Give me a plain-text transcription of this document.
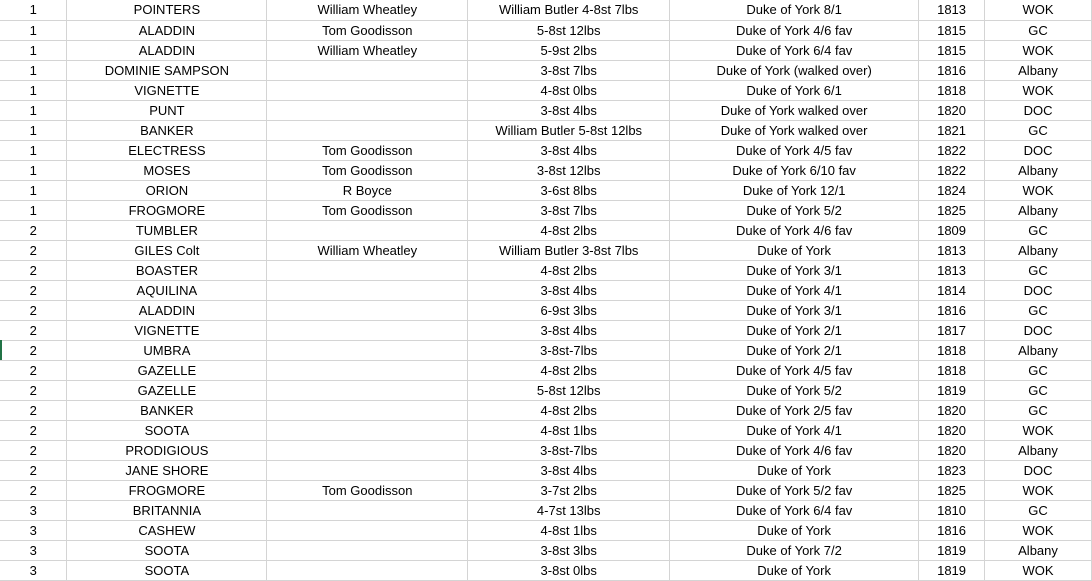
1	POINTERS	William Wheatley	William Butler 4-8st 7lbs	Duke of York 8/1	1813	WOK
1	ALADDIN	Tom Goodisson	5-8st 12lbs	Duke of York 4/6 fav	1815	GC
1	ALADDIN	William Wheatley	5-9st 2lbs	Duke of York 6/4 fav	1815	WOK
1	DOMINIE SAMPSON		3-8st 7lbs	Duke of York (walked over)	1816	Albany
1	VIGNETTE		4-8st 0lbs	Duke of York 6/1	1818	WOK
1	PUNT		3-8st 4lbs	Duke of York walked over	1820	DOC
1	BANKER		William Butler 5-8st 12lbs	Duke of York walked over	1821	GC
1	ELECTRESS	Tom Goodisson	3-8st 4lbs	Duke of York 4/5 fav	1822	DOC
1	MOSES	Tom Goodisson	3-8st 12lbs	Duke of York 6/10 fav	1822	Albany
1	ORION	R Boyce	3-6st 8lbs	Duke of York 12/1	1824	WOK
1	FROGMORE	Tom Goodisson	3-8st 7lbs	Duke of York 5/2	1825	Albany
2	TUMBLER		4-8st 2lbs	Duke of York 4/6 fav	1809	GC
2	GILES Colt	William Wheatley	William Butler 3-8st 7lbs	Duke of York	1813	Albany
2	BOASTER		4-8st 2lbs	Duke of York 3/1	1813	GC
2	AQUILINA		3-8st 4lbs	Duke of York 4/1	1814	DOC
2	ALADDIN		6-9st 3lbs	Duke of York 3/1	1816	GC
2	VIGNETTE		3-8st 4lbs	Duke of York 2/1	1817	DOC
2	UMBRA		3-8st-7lbs	Duke of York 2/1	1818	Albany
2	GAZELLE		4-8st 2lbs	Duke of York 4/5 fav	1818	GC
2	GAZELLE		5-8st 12lbs	Duke of York 5/2	1819	GC
2	BANKER		4-8st 2lbs	Duke of York 2/5 fav	1820	GC
2	SOOTA		4-8st 1lbs	Duke of York 4/1	1820	WOK
2	PRODIGIOUS		3-8st-7lbs	Duke of York 4/6 fav	1820	Albany
2	JANE SHORE		3-8st 4lbs	Duke of York	1823	DOC
2	FROGMORE	Tom Goodisson	3-7st 2lbs	Duke of York 5/2 fav	1825	WOK
3	BRITANNIA		4-7st 13lbs	Duke of York 6/4 fav	1810	GC
3	CASHEW		4-8st 1lbs	Duke of York	1816	WOK
3	SOOTA		3-8st 3lbs	Duke of York 7/2	1819	Albany
3	SOOTA		3-8st 0lbs	Duke of York	1819	WOK
